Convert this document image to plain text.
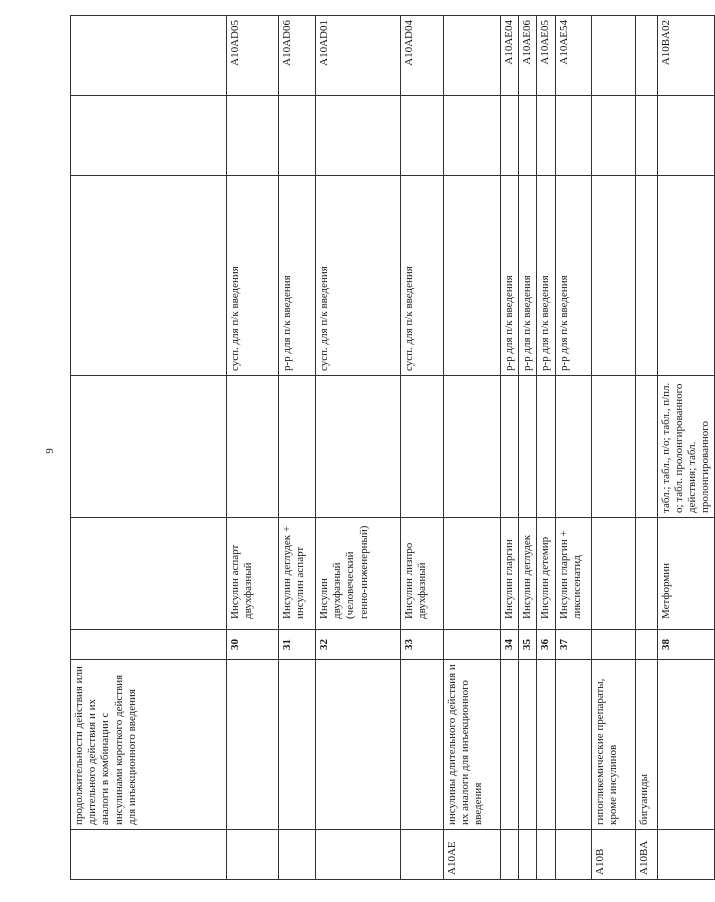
9
	продолжительности действия или длительного действия и их аналоги в комбинации с инсулинами короткого действия для инъекционного введения						
		30	Инсулин аспарт двухфазный		сусп. для п/к введения		A10AD05
		31	Инсулин деглудек + инсулин аспарт		р-р для п/к введения		A10AD06
		32	Инсулин двухфазный (человеческий генно-инженерный)		сусп. для п/к введения		A10AD01
		33	Инсулин лизпро двухфазный		сусп. для п/к введения		A10AD04
A10AE	инсулины длительного действия и их аналоги для инъекционного введения						
		34	Инсулин гларгин		р-р для п/к введения		A10AE04
		35	Инсулин деглудек		р-р для п/к введения		A10AE06
		36	Инсулин детемир		р-р для п/к введения		A10AE05
		37	Инсулин гларгин + ликсисенатид		р-р для п/к введения		A10AE54
A10B	гипогликемические препараты, кроме инсулинов						
A10BA	бигуаниды						
		38	Метформин	табл.; табл., п/о; табл., п/пл. о; табл. пролонгированного действия; табл. пролонгированного			A10BA02
